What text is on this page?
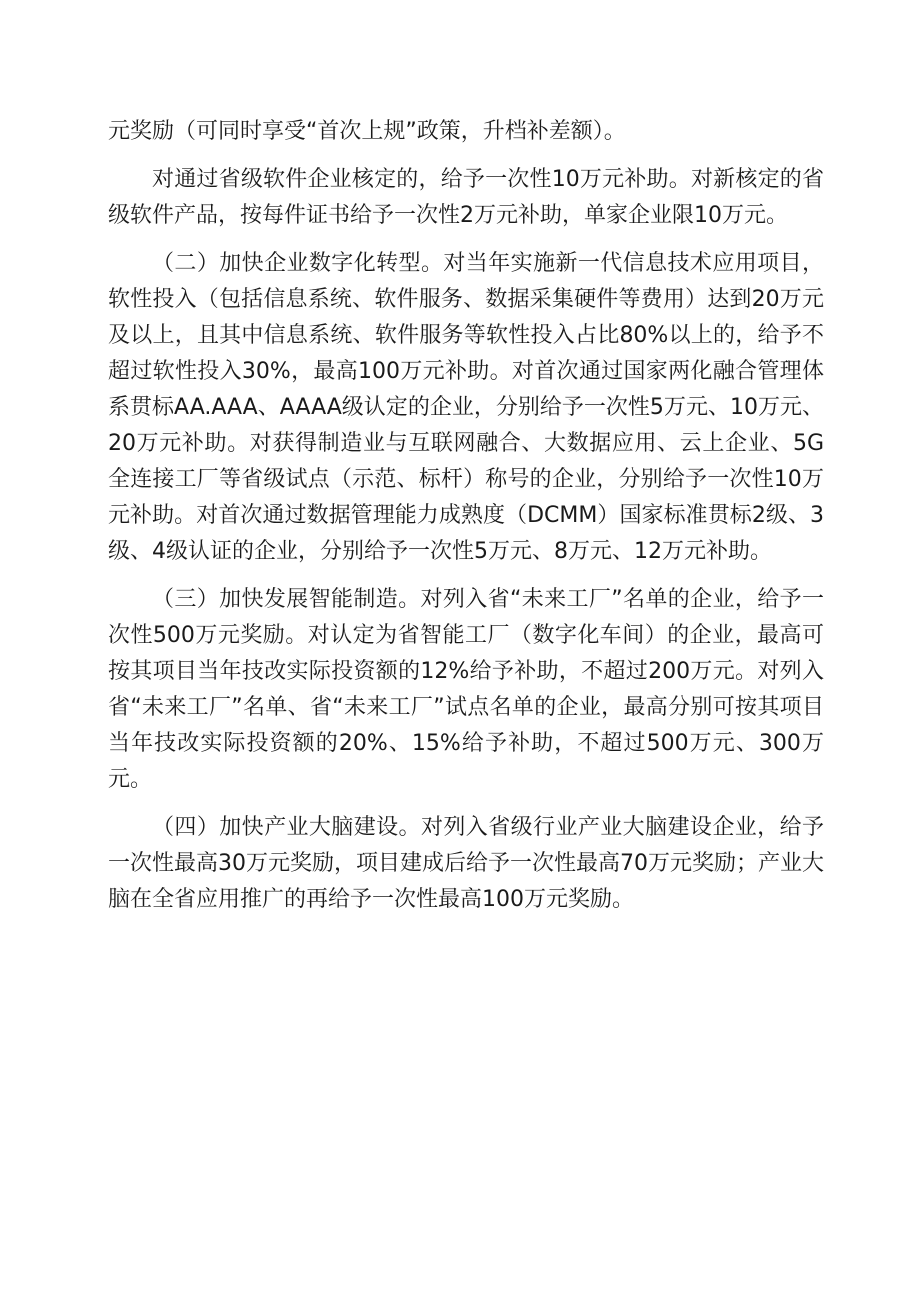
元奖励（可同时享受“首次上规”政策，升档补差额）。

对通过省级软件企业核定的，给予一次性10万元补助。对新核定的省级软件产品，按每件证书给予一次性2万元补助，单家企业限10万元。

（二）加快企业数字化转型。对当年实施新一代信息技术应用项目，软性投入（包括信息系统、软件服务、数据采集硬件等费用）达到20万元及以上，且其中信息系统、软件服务等软性投入占比80%以上的，给予不超过软性投入30%，最高100万元补助。对首次通过国家两化融合管理体系贯标AA.AAA、AAAA级认定的企业，分别给予一次性5万元、10万元、20万元补助。对获得制造业与互联网融合、大数据应用、云上企业、5G全连接工厂等省级试点（示范、标杆）称号的企业，分别给予一次性10万元补助。对首次通过数据管理能力成熟度（DCMM）国家标准贯标2级、3级、4级认证的企业，分别给予一次性5万元、8万元、12万元补助。

（三）加快发展智能制造。对列入省“未来工厂”名单的企业，给予一次性500万元奖励。对认定为省智能工厂（数字化车间）的企业，最高可按其项目当年技改实际投资额的12%给予补助，不超过200万元。对列入省“未来工厂”名单、省“未来工厂”试点名单的企业，最高分别可按其项目当年技改实际投资额的20%、15%给予补助，不超过500万元、300万元。

（四）加快产业大脑建设。对列入省级行业产业大脑建设企业，给予一次性最高30万元奖励，项目建成后给予一次性最高70万元奖励；产业大脑在全省应用推广的再给予一次性最高100万元奖励。
